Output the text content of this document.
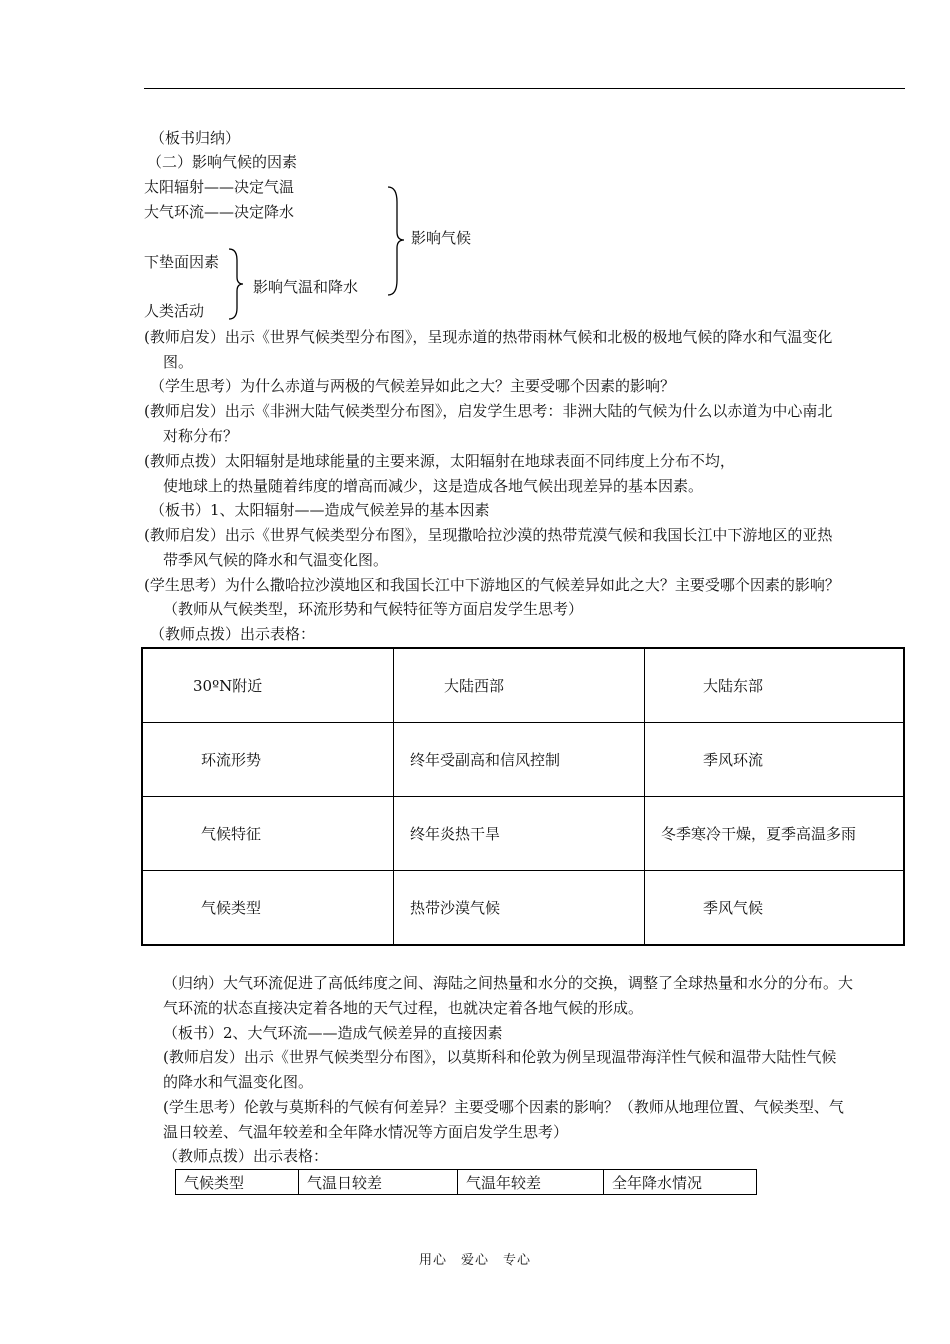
（板书归纳）
（二）影响气候的因素
太阳辐射——决定气温
大气环流——决定降水
下垫面因素
人类活动
影响气温和降水
影响气候
(教师启发）出示《世界气候类型分布图》，呈现赤道的热带雨林气候和北极的极地气候的降水和气温变化
图。
（学生思考）为什么赤道与两极的气候差异如此之大？主要受哪个因素的影响？
(教师启发）出示《非洲大陆气候类型分布图》，启发学生思考：非洲大陆的气候为什么以赤道为中心南北
对称分布？
(教师点拨）太阳辐射是地球能量的主要来源，太阳辐射在地球表面不同纬度上分布不均，
使地球上的热量随着纬度的增高而减少，这是造成各地气候出现差异的基本因素。
（板书）1、太阳辐射——造成气候差异的基本因素
(教师启发）出示《世界气候类型分布图》，呈现撒哈拉沙漠的热带荒漠气候和我国长江中下游地区的亚热
带季风气候的降水和气温变化图。
(学生思考）为什么撒哈拉沙漠地区和我国长江中下游地区的气候差异如此之大？主要受哪个因素的影响？
（教师从气候类型，环流形势和气候特征等方面启发学生思考）
（教师点拨）出示表格：
30ºN附近	大陆西部	大陆东部
环流形势	终年受副高和信风控制	季风环流
气候特征	终年炎热干旱	冬季寒冷干燥，夏季高温多雨
气候类型	热带沙漠气候	季风气候
（归纳）大气环流促进了高低纬度之间、海陆之间热量和水分的交换，调整了全球热量和水分的分布。大
气环流的状态直接决定着各地的天气过程，也就决定着各地气候的形成。
（板书）2、大气环流——造成气候差异的直接因素
(教师启发）出示《世界气候类型分布图》，以莫斯科和伦敦为例呈现温带海洋性气候和温带大陆性气候
的降水和气温变化图。
(学生思考）伦敦与莫斯科的气候有何差异？主要受哪个因素的影响？（教师从地理位置、气候类型、气
温日较差、气温年较差和全年降水情况等方面启发学生思考）
（教师点拨）出示表格：
气候类型	气温日较差	气温年较差	全年降水情况
用心　爱心　专心
